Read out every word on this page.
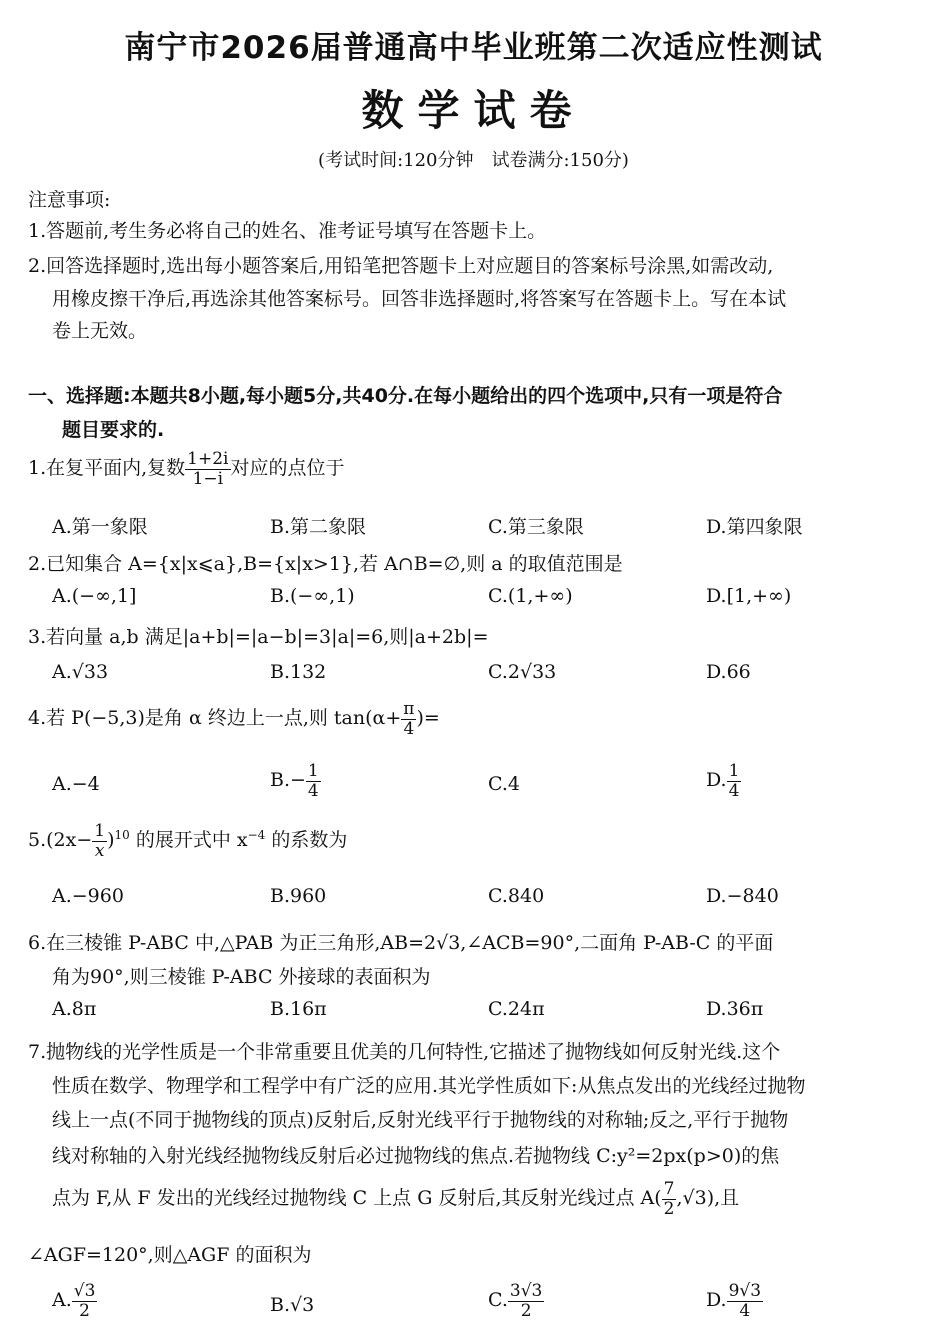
南宁市2026届普通高中毕业班第二次适应性测试
数学试卷
(考试时间:120分钟　试卷满分:150分)
注意事项:
1.答题前,考生务必将自己的姓名、准考证号填写在答题卡上。
2.回答选择题时,选出每小题答案后,用铅笔把答题卡上对应题目的答案标号涂黑,如需改动,
用橡皮擦干净后,再选涂其他答案标号。回答非选择题时,将答案写在答题卡上。写在本试
卷上无效。
一、选择题:本题共8小题,每小题5分,共40分.在每小题给出的四个选项中,只有一项是符合
题目要求的.
1.在复平面内,复数 $\frac{1+2i}{1-i}$ 对应的点位于
A.第一象限	B.第二象限	C.第三象限	D.第四象限
2.已知集合 A={x|x⩽a},B={x|x>1},若 A∩B=∅,则 a 的取值范围是
A.(−∞,1]	B.(−∞,1)	C.(1,+∞)	D.[1,+∞)
3.若向量 a,b 满足|a+b|=|a−b|=3|a|=6,则|a+2b|=
A.√33	B.132	C.2√33	D.66
4.若 P(−5,3)是角 α 终边上一点,则 $\tan(\alpha+ \frac{\pi}{4}$ )=
A.−4	$B.- \frac{1}{4}$	C.4	D. $\frac{1}{4}$
$5.(2x- \frac{1}{x} )^{10}$ 的展开式中 $x^{-4}$ 的系数为
A.−960	B.960	C.840	D.−840
6.在三棱锥 P-ABC 中,△PAB 为正三角形,AB=2√3,∠ACB=90°,二面角 P-AB-C 的平面
角为90°,则三棱锥 P-ABC 外接球的表面积为
A.8π	B.16π	C.24π	D.36π
7.抛物线的光学性质是一个非常重要且优美的几何特性,它描述了抛物线如何反射光线.这个
性质在数学、物理学和工程学中有广泛的应用.其光学性质如下:从焦点发出的光线经过抛物
线上一点(不同于抛物线的顶点)反射后,反射光线平行于抛物线的对称轴;反之,平行于抛物
线对称轴的入射光线经抛物线反射后必过抛物线的焦点.若抛物线 C:y²=2px(p>0)的焦
点为 F,从 F 发出的光线经过抛物线 C 上点 G 反射后,其反射光线过点 $A( \frac{7}{2} ,√3)$,且
∠AGF=120°,则△AGF 的面积为
A. $\frac{√3}{2}$	B.√3	C. $\frac{3√3}{2}$	D. $\frac{9√3}{4}$
